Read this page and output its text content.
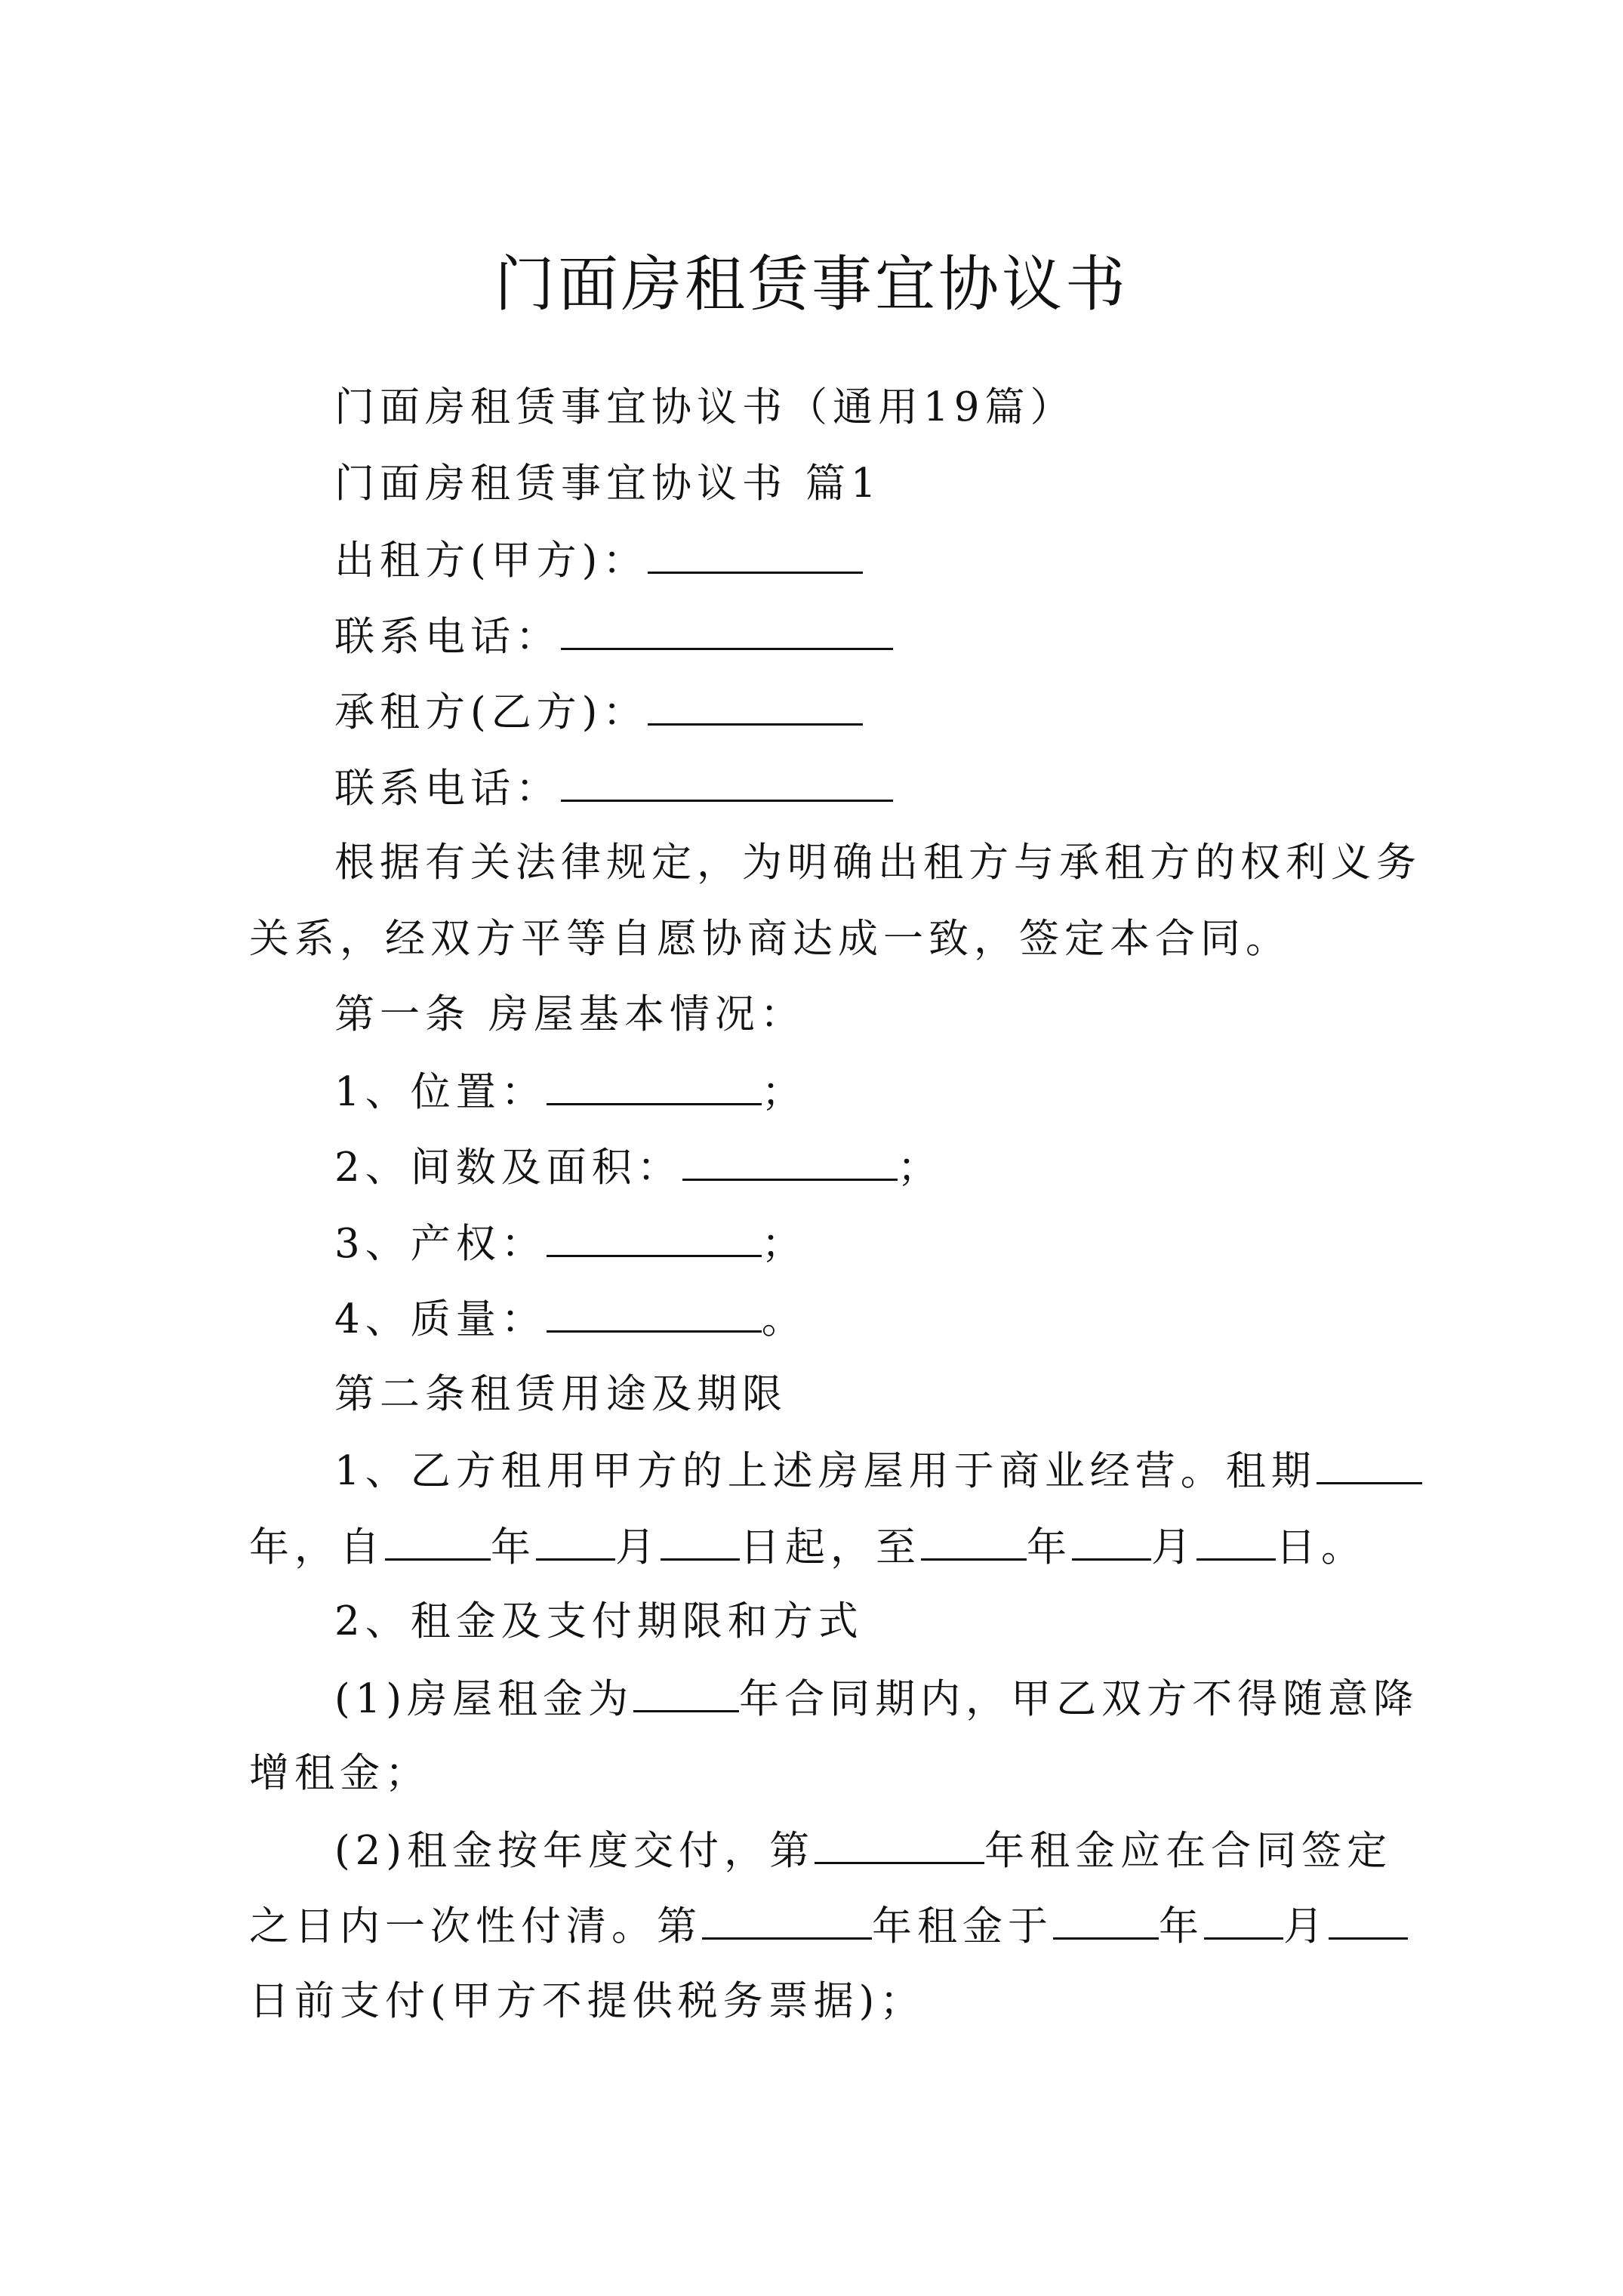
门面房租赁事宜协议书
门面房租赁事宜协议书（通用19篇）
门面房租赁事宜协议书 篇1
出租方(甲方)：
联系电话：
承租方(乙方)：
联系电话：
根据有关法律规定，为明确出租方与承租方的权利义务
关系，经双方平等自愿协商达成一致，签定本合同。
第一条 房屋基本情况：
1、位置：	；
2、间数及面积：	；
3、产权：	；
4、质量：	。
第二条租赁用途及期限
1、乙方租用甲方的上述房屋用于商业经营。租期
年，自	年 月 日起，至	年 月 日。
2、租金及支付期限和方式
(1)房屋租金为	年合同期内，甲乙双方不得随意降
增租金；
(2)租金按年度交付，第	年租金应在合同签定
之日内一次性付清。第	年租金于	年 月
日前支付(甲方不提供税务票据)；
